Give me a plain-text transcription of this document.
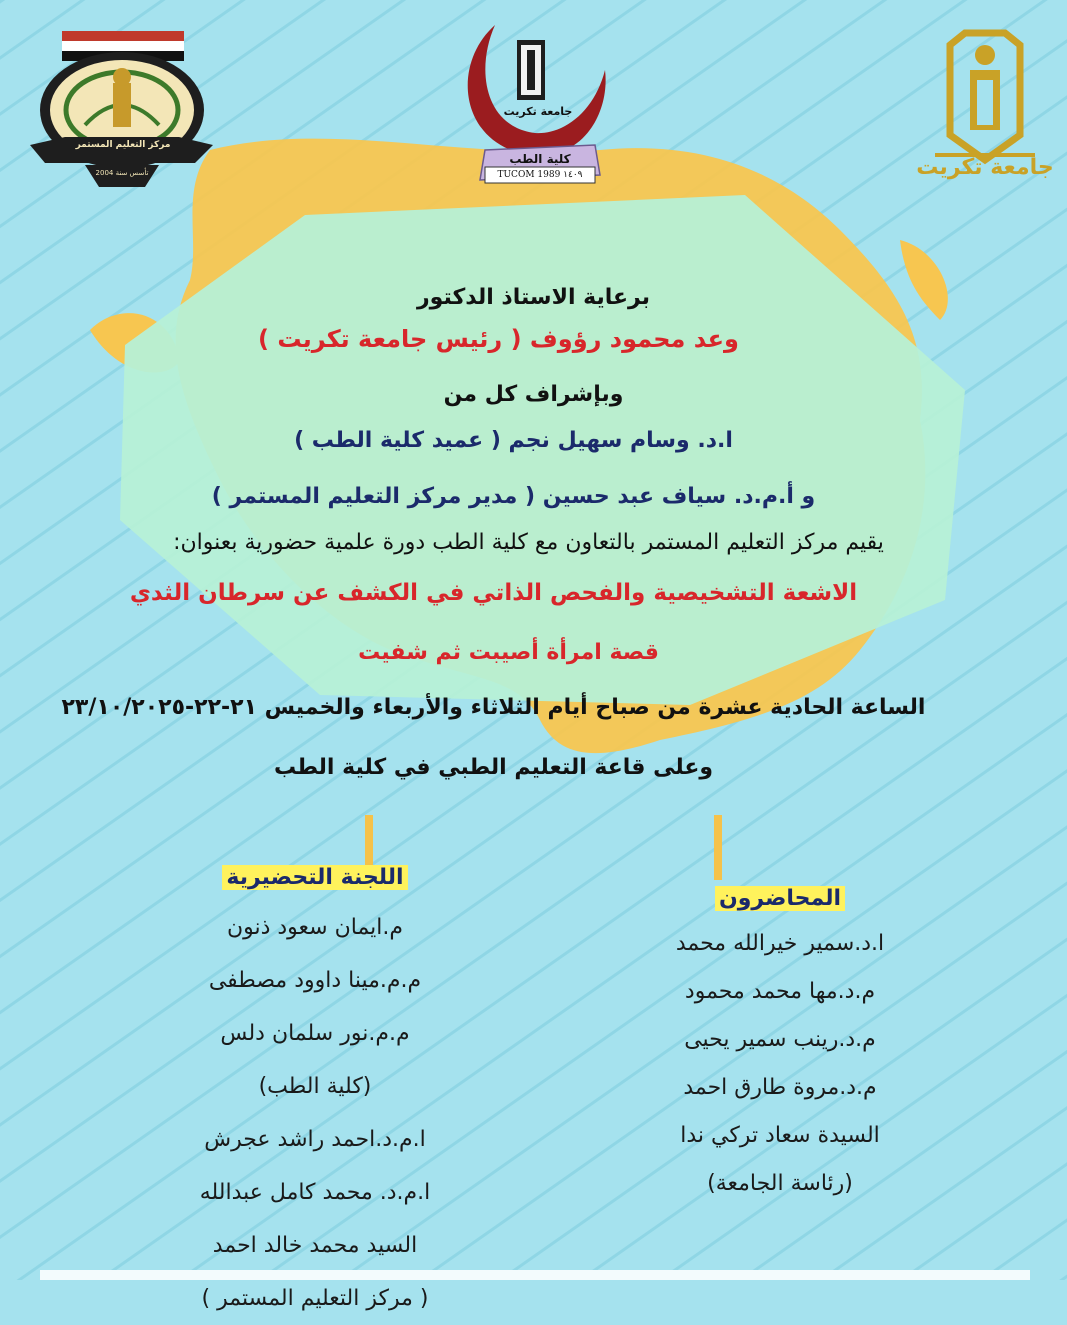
مركز التعليم المستمر
تأسس سنة 2004
جامعة تكريت
كلية الطب
TUCOM 1989 ١٤٠٩	جامعة تكريت
برعاية الاستاذ الدكتور
وعد محمود رؤوف ( رئيس جامعة تكريت )
وبإشراف كل من
ا.د. وسام سهيل نجم ( عميد كلية الطب )
و أ.م.د. سياف عبد حسين ( مدير مركز التعليم المستمر )
يقيم مركز التعليم المستمر بالتعاون مع كلية الطب دورة علمية حضورية بعنوان:
الاشعة التشخيصية والفحص الذاتي في الكشف عن سرطان الثدي
قصة امرأة أصيبت ثم شفيت
الساعة الحادية عشرة من صباح أيام الثلاثاء والأربعاء والخميس ٢١-٢٢-٢٣/١٠/٢٠٢٥
وعلى قاعة التعليم الطبي في كلية الطب
اللجنة التحضيرية
م.ايمان سعود ذنون
م.م.مينا داوود مصطفى
م.م.نور سلمان دلس
(كلية الطب)
ا.م.د.احمد راشد عجرش
ا.م.د. محمد كامل عبدالله
السيد محمد خالد احمد
( مركز التعليم المستمر )
المحاضرون
ا.د.سمير خيرالله محمد
م.د.مها محمد محمود
م.د.رينب سمير يحيى
م.د.مروة طارق احمد
السيدة سعاد تركي ندا
(رئاسة الجامعة)
